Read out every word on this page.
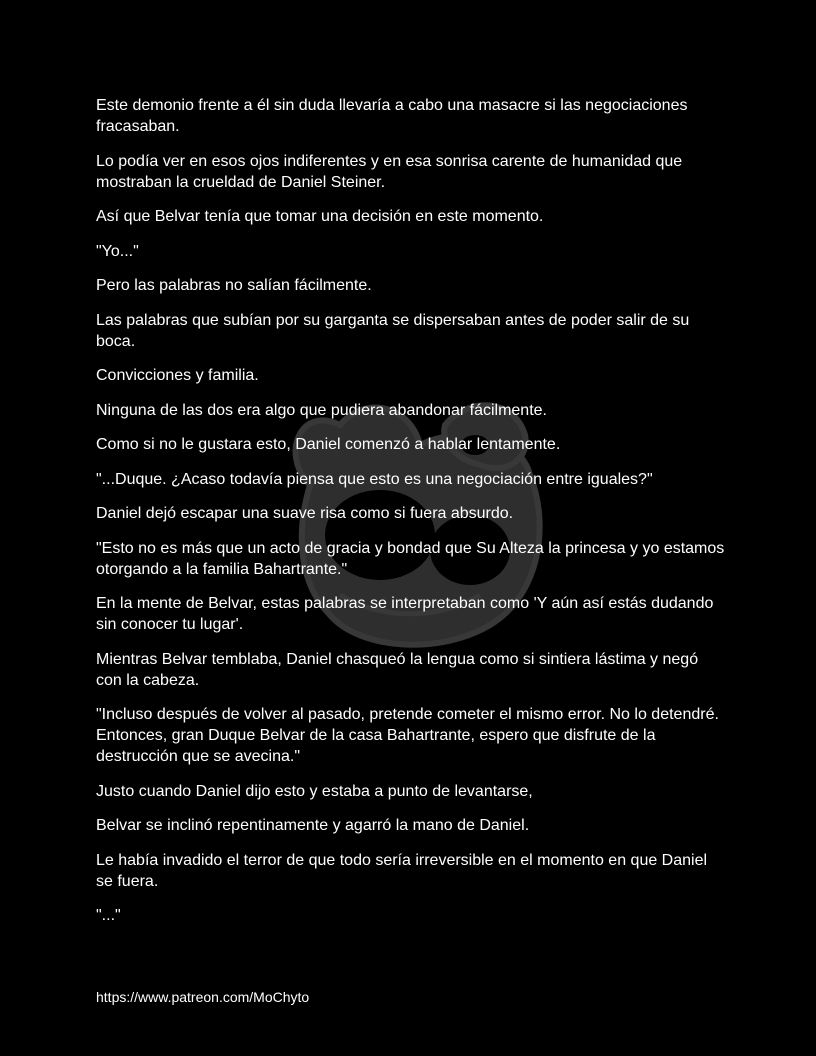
Este demonio frente a él sin duda llevaría a cabo una masacre si las negociaciones fracasaban.

Lo podía ver en esos ojos indiferentes y en esa sonrisa carente de humanidad que mostraban la crueldad de Daniel Steiner.

Así que Belvar tenía que tomar una decisión en este momento.

"Yo..."

Pero las palabras no salían fácilmente.

Las palabras que subían por su garganta se dispersaban antes de poder salir de su boca.

Convicciones y familia.

Ninguna de las dos era algo que pudiera abandonar fácilmente.

Como si no le gustara esto, Daniel comenzó a hablar lentamente.

"...Duque. ¿Acaso todavía piensa que esto es una negociación entre iguales?"

Daniel dejó escapar una suave risa como si fuera absurdo.

"Esto no es más que un acto de gracia y bondad que Su Alteza la princesa y yo estamos otorgando a la familia Bahartrante."

En la mente de Belvar, estas palabras se interpretaban como 'Y aún así estás dudando sin conocer tu lugar'.

Mientras Belvar temblaba, Daniel chasqueó la lengua como si sintiera lástima y negó con la cabeza.

"Incluso después de volver al pasado, pretende cometer el mismo error. No lo detendré. Entonces, gran Duque Belvar de la casa Bahartrante, espero que disfrute de la destrucción que se avecina."

Justo cuando Daniel dijo esto y estaba a punto de levantarse,

Belvar se inclinó repentinamente y agarró la mano de Daniel.

Le había invadido el terror de que todo sería irreversible en el momento en que Daniel se fuera.

"..."

https://www.patreon.com/MoChyto
